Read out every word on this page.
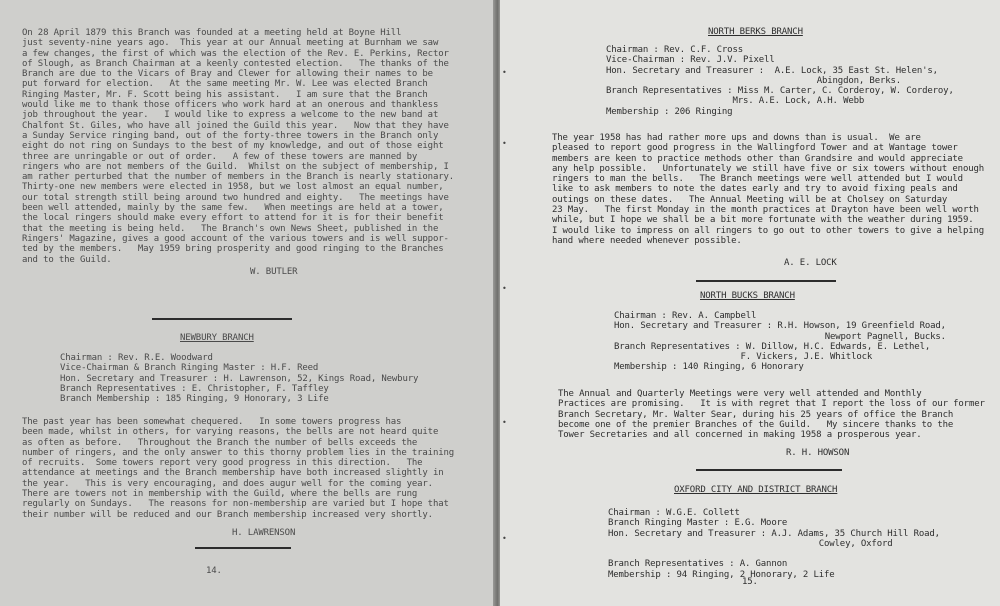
On 28 April 1879 this Branch was founded at a meeting held at Boyne Hill
just seventy-nine years ago.  This year at our Annual meeting at Burnham we saw
a few changes, the first of which was the election of the Rev. E. Perkins, Rector
of Slough, as Branch Chairman at a keenly contested election.   The thanks of the
Branch are due to the Vicars of Bray and Clewer for allowing their names to be
put forward for election.   At the same meeting Mr. W. Lee was elected Branch
Ringing Master, Mr. F. Scott being his assistant.   I am sure that the Branch
would like me to thank those officers who work hard at an onerous and thankless
job throughout the year.   I would like to express a welcome to the new band at
Chalfont St. Giles, who have all joined the Guild this year.   Now that they have
a Sunday Service ringing band, out of the forty-three towers in the Branch only
eight do not ring on Sundays to the best of my knowledge, and out of those eight
three are unringable or out of order.   A few of these towers are manned by
ringers who are not members of the Guild.  Whilst on the subject of membership, I
am rather perturbed that the number of members in the Branch is nearly stationary.
Thirty-one new members were elected in 1958, but we lost almost an equal number,
our total strength still being around two hundred and eighty.   The meetings have
been well attended, mainly by the same few.   When meetings are held at a tower,
the local ringers should make every effort to attend for it is for their benefit
that the meeting is being held.   The Branch's own News Sheet, published in the
Ringers' Magazine, gives a good account of the various towers and is well suppor-
ted by the members.   May 1959 bring prosperity and good ringing to the Branches
and to the Guild.
W. BUTLER
NEWBURY BRANCH
Chairman : Rev. R.E. Woodward
Vice-Chairman & Branch Ringing Master : H.F. Reed
Hon. Secretary and Treasurer : H. Lawrenson, 52, Kings Road, Newbury
Branch Representatives : E. Christopher, F. Taffley
Branch Membership : 185 Ringing, 9 Honorary, 3 Life
The past year has been somewhat chequered.   In some towers progress has
been made, whilst in others, for varying reasons, the bells are not heard quite
as often as before.   Throughout the Branch the number of bells exceeds the
number of ringers, and the only answer to this thorny problem lies in the training
of recruits.  Some towers report very good progress in this direction.   The
attendance at meetings and the Branch membership have both increased slightly in
the year.   This is very encouraging, and does augur well for the coming year.
There are towers not in membership with the Guild, where the bells are rung
regularly on Sundays.   The reasons for non-membership are varied but I hope that
their number will be reduced and our Branch membership increased very shortly.
H. LAWRENSON
14.
•
•
•
•
•
NORTH BERKS BRANCH
Chairman : Rev. C.F. Cross
Vice-Chairman : Rev. J.V. Pixell
Hon. Secretary and Treasurer :  A.E. Lock, 35 East St. Helen's,
Abingdon, Berks.
Branch Representatives : Miss M. Carter, C. Corderoy, W. Corderoy,
Mrs. A.E. Lock, A.H. Webb
Membership : 206 Ringing
The year 1958 has had rather more ups and downs than is usual.  We are
pleased to report good progress in the Wallingford Tower and at Wantage tower
members are keen to practice methods other than Grandsire and would appreciate
any help possible.   Unfortunately we still have five or six towers without enough
ringers to man the bells.   The Branch meetings were well attended but I would
like to ask members to note the dates early and try to avoid fixing peals and
outings on these dates.   The Annual Meeting will be at Cholsey on Saturday
23 May.   The first Monday in the month practices at Drayton have been well worth
while, but I hope we shall be a bit more fortunate with the weather during 1959.
I would like to impress on all ringers to go out to other towers to give a helping
hand where needed whenever possible.
A. E. LOCK
NORTH BUCKS BRANCH
Chairman : Rev. A. Campbell
Hon. Secretary and Treasurer : R.H. Howson, 19 Greenfield Road,
Newport Pagnell, Bucks.
Branch Representatives : W. Dillow, H.C. Edwards, E. Lethel,
F. Vickers, J.E. Whitlock
Membership : 140 Ringing, 6 Honorary
The Annual and Quarterly Meetings were very well attended and Monthly
Practices are promising.   It is with regret that I report the loss of our former
Branch Secretary, Mr. Walter Sear, during his 25 years of office the Branch
become one of the premier Branches of the Guild.   My sincere thanks to the
Tower Secretaries and all concerned in making 1958 a prosperous year.
R. H. HOWSON
OXFORD CITY AND DISTRICT BRANCH
Chairman : W.G.E. Collett
Branch Ringing Master : E.G. Moore
Hon. Secretary and Treasurer : A.J. Adams, 35 Church Hill Road,
Cowley, Oxford

Branch Representatives : A. Gannon
Membership : 94 Ringing, 2 Honorary, 2 Life
15.
